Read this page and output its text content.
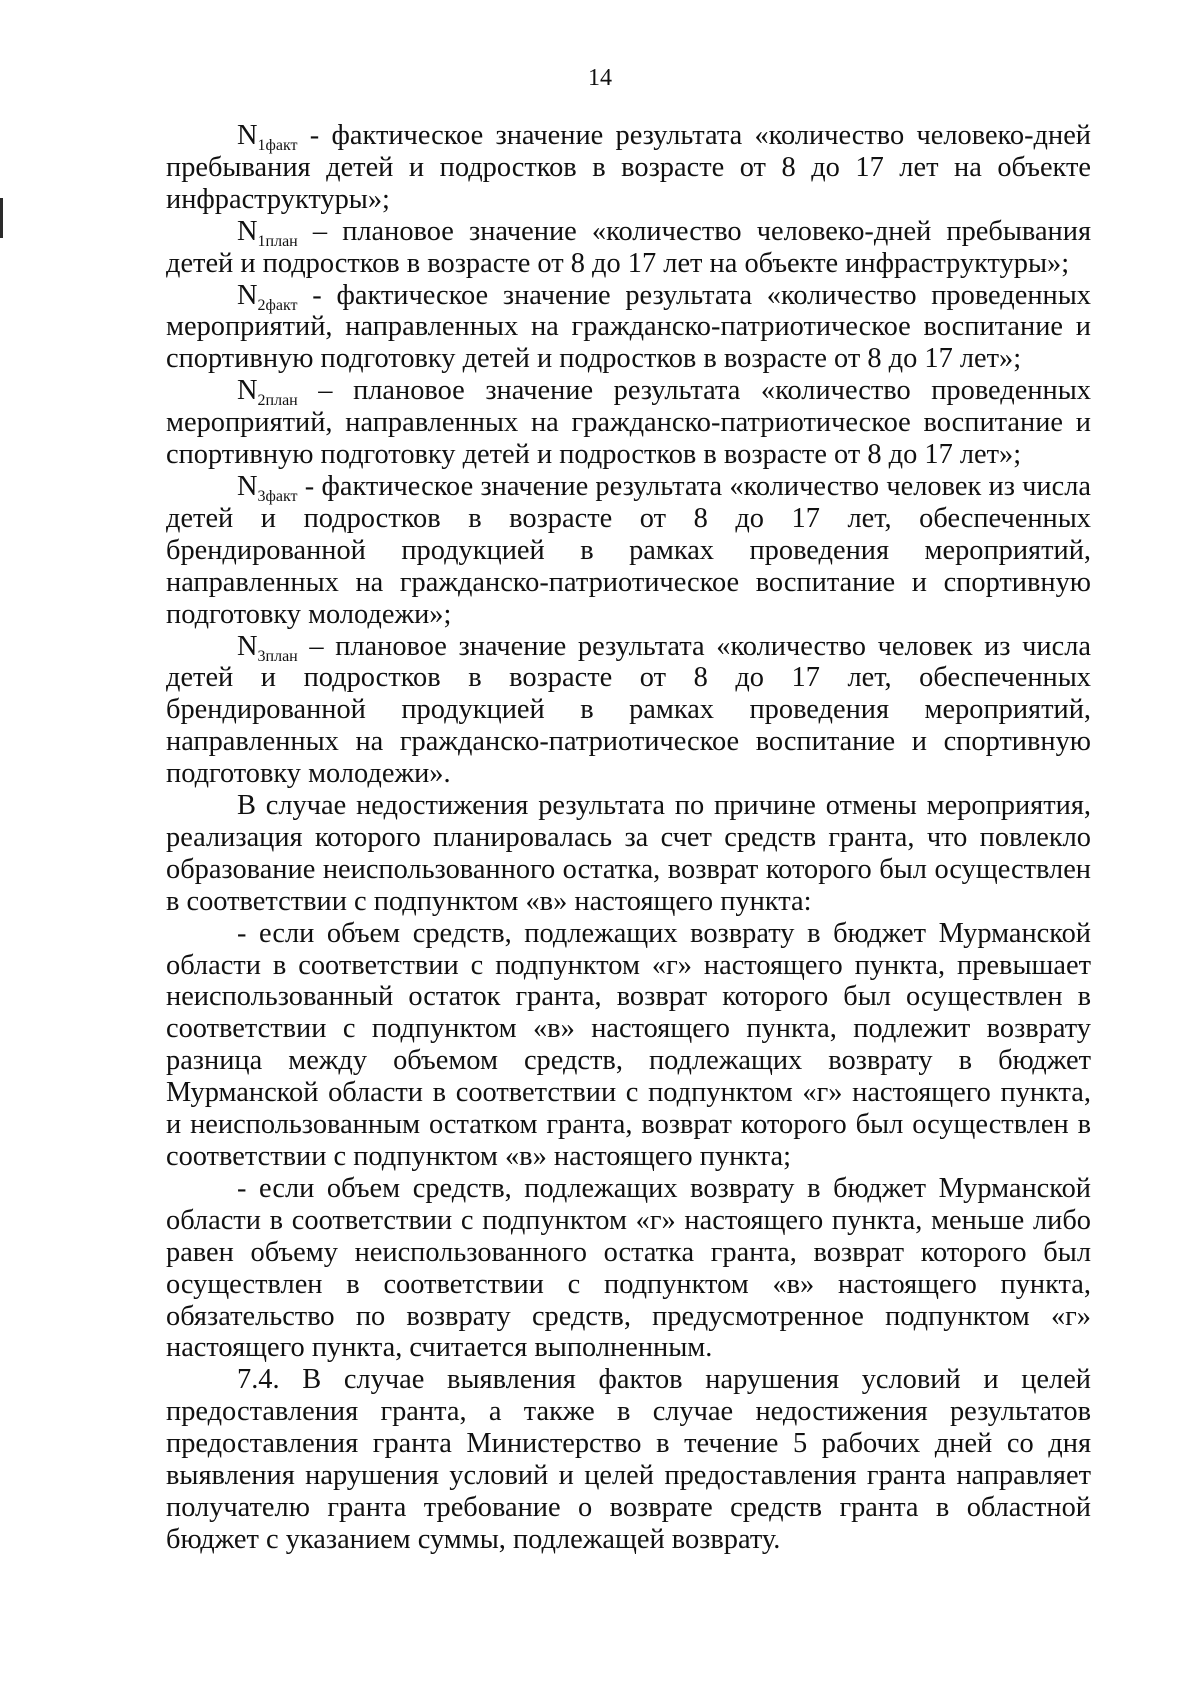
14

$N_{1факт}$ - фактическое значение результата «количество человеко-дней пребывания детей и подростков в возрасте от 8 до 17 лет на объекте инфраструктуры»;

$N_{1план}$ – плановое значение «количество человеко-дней пребывания детей и подростков в возрасте от 8 до 17 лет на объекте инфраструктуры»;

$N_{2факт}$ - фактическое значение результата «количество проведенных мероприятий, направленных на гражданско-патриотическое воспитание и спортивную подготовку детей и подростков в возрасте от 8 до 17 лет»;

$N_{2план}$ – плановое значение результата «количество проведенных мероприятий, направленных на гражданско-патриотическое воспитание и спортивную подготовку детей и подростков в возрасте от 8 до 17 лет»;

$N_{3факт}$ - фактическое значение результата «количество человек из числа детей и подростков в возрасте от 8 до 17 лет, обеспеченных брендированной продукцией в рамках проведения мероприятий, направленных на гражданско-патриотическое воспитание и спортивную подготовку молодежи»;

$N_{3план}$ – плановое значение результата «количество человек из числа детей и подростков в возрасте от 8 до 17 лет, обеспеченных брендированной продукцией в рамках проведения мероприятий, направленных на гражданско-патриотическое воспитание и спортивную подготовку молодежи».

В случае недостижения результата по причине отмены мероприятия, реализация которого планировалась за счет средств гранта, что повлекло образование неиспользованного остатка, возврат которого был осуществлен в соответствии с подпунктом «в» настоящего пункта:

- если объем средств, подлежащих возврату в бюджет Мурманской области в соответствии с подпунктом «г» настоящего пункта, превышает неиспользованный остаток гранта, возврат которого был осуществлен в соответствии с подпунктом «в» настоящего пункта, подлежит возврату разница между объемом средств, подлежащих возврату в бюджет Мурманской области в соответствии с подпунктом «г» настоящего пункта, и неиспользованным остатком гранта, возврат которого был осуществлен в соответствии с подпунктом «в» настоящего пункта;

- если объем средств, подлежащих возврату в бюджет Мурманской области в соответствии с подпунктом «г» настоящего пункта, меньше либо равен объему неиспользованного остатка гранта, возврат которого был осуществлен в соответствии с подпунктом «в» настоящего пункта, обязательство по возврату средств, предусмотренное подпунктом «г» настоящего пункта, считается выполненным.

7.4. В случае выявления фактов нарушения условий и целей предоставления гранта, а также в случае недостижения результатов предоставления гранта Министерство в течение 5 рабочих дней со дня выявления нарушения условий и целей предоставления гранта направляет получателю гранта требование о возврате средств гранта в областной бюджет с указанием суммы, подлежащей возврату.
